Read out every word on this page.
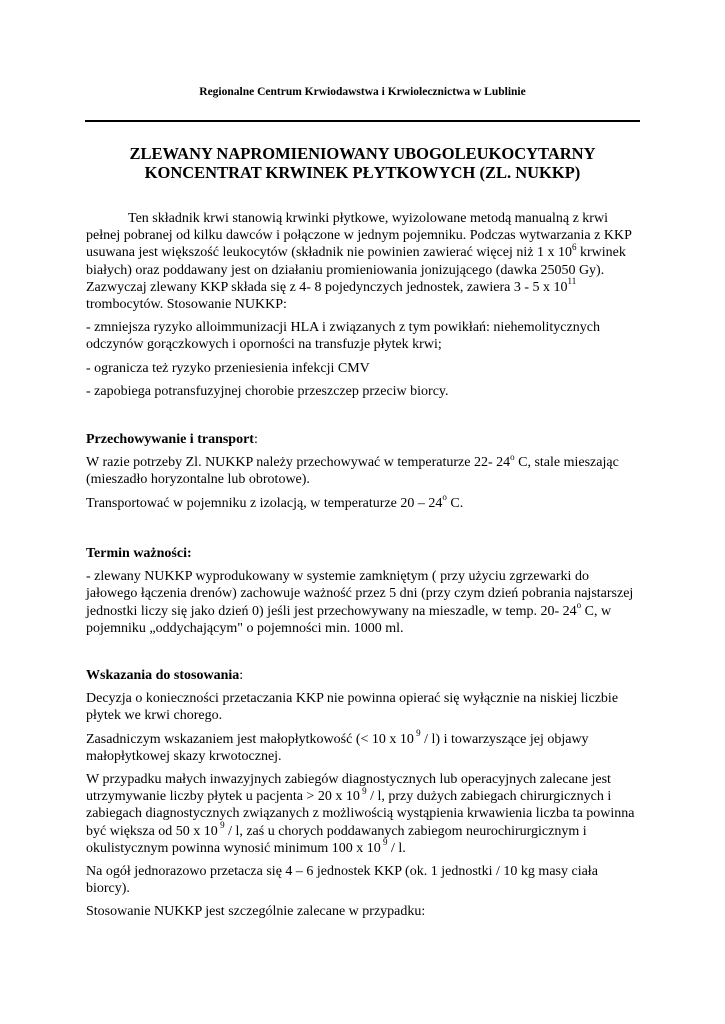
Regionalne Centrum Krwiodawstwa i Krwiolecznictwa w Lublinie
ZLEWANY NAPROMIENIOWANY UBOGOLEUKOCYTARNY
KONCENTRAT KRWINEK PŁYTKOWYCH (ZL. NUKKP)

Ten składnik krwi stanowią krwinki płytkowe, wyizolowane metodą manualną z krwi pełnej pobranej od kilku dawców i połączone w jednym pojemniku. Podczas wytwarzania z KKP usuwana jest większość leukocytów (składnik nie powinien zawierać więcej niż 1 x $10^6$ krwinek białych) oraz poddawany jest on działaniu promieniowania jonizującego (dawka 25050 Gy). Zazwyczaj zlewany KKP składa się z 4- 8 pojedynczych jednostek, zawiera 3 - 5 x $10^{11}$ trombocytów. Stosowanie NUKKP:

- zmniejsza ryzyko alloimmunizacji HLA i związanych z tym powikłań: niehemolitycznych odczynów gorączkowych i oporności na transfuzje płytek krwi;

- ogranicza też ryzyko przeniesienia infekcji CMV

- zapobiega potransfuzyjnej chorobie przeszczep przeciw biorcy.

Przechowywanie i transport:

W razie potrzeby Zl. NUKKP należy przechowywać w temperaturze 22- 24$^o$ C, stale mieszając (mieszadło horyzontalne lub obrotowe).

Transportować w pojemniku z izolacją, w temperaturze 20 – 24$^o$ C.

Termin ważności:

- zlewany NUKKP wyprodukowany w systemie zamkniętym ( przy użyciu zgrzewarki do jałowego łączenia drenów) zachowuje ważność przez 5 dni (przy czym dzień pobrania najstarszej jednostki liczy się jako dzień 0) jeśli jest przechowywany na mieszadle, w temp. 20- 24$^o$ C, w pojemniku „oddychającym" o pojemności min. 1000 ml.

Wskazania do stosowania:

Decyzja o konieczności przetaczania KKP nie powinna opierać się wyłącznie na niskiej liczbie płytek we krwi chorego.

Zasadniczym wskazaniem jest małopłytkowość (< 10 x 10 $^9$ / l) i towarzyszące jej objawy małopłytkowej skazy krwotocznej.

W przypadku małych inwazyjnych zabiegów diagnostycznych lub operacyjnych zalecane jest utrzymywanie liczby płytek u pacjenta > 20 x 10 $^9$ / l, przy dużych zabiegach chirurgicznych i zabiegach diagnostycznych związanych z możliwością wystąpienia krwawienia liczba ta powinna być większa od 50 x 10 $^9$ / l, zaś u chorych poddawanych zabiegom neurochirurgicznym i okulistycznym powinna wynosić minimum 100 x 10 $^9$ / l.

Na ogół jednorazowo przetacza się 4 – 6 jednostek KKP (ok. 1 jednostki / 10 kg masy ciała biorcy).

Stosowanie NUKKP jest szczególnie zalecane w przypadku:
